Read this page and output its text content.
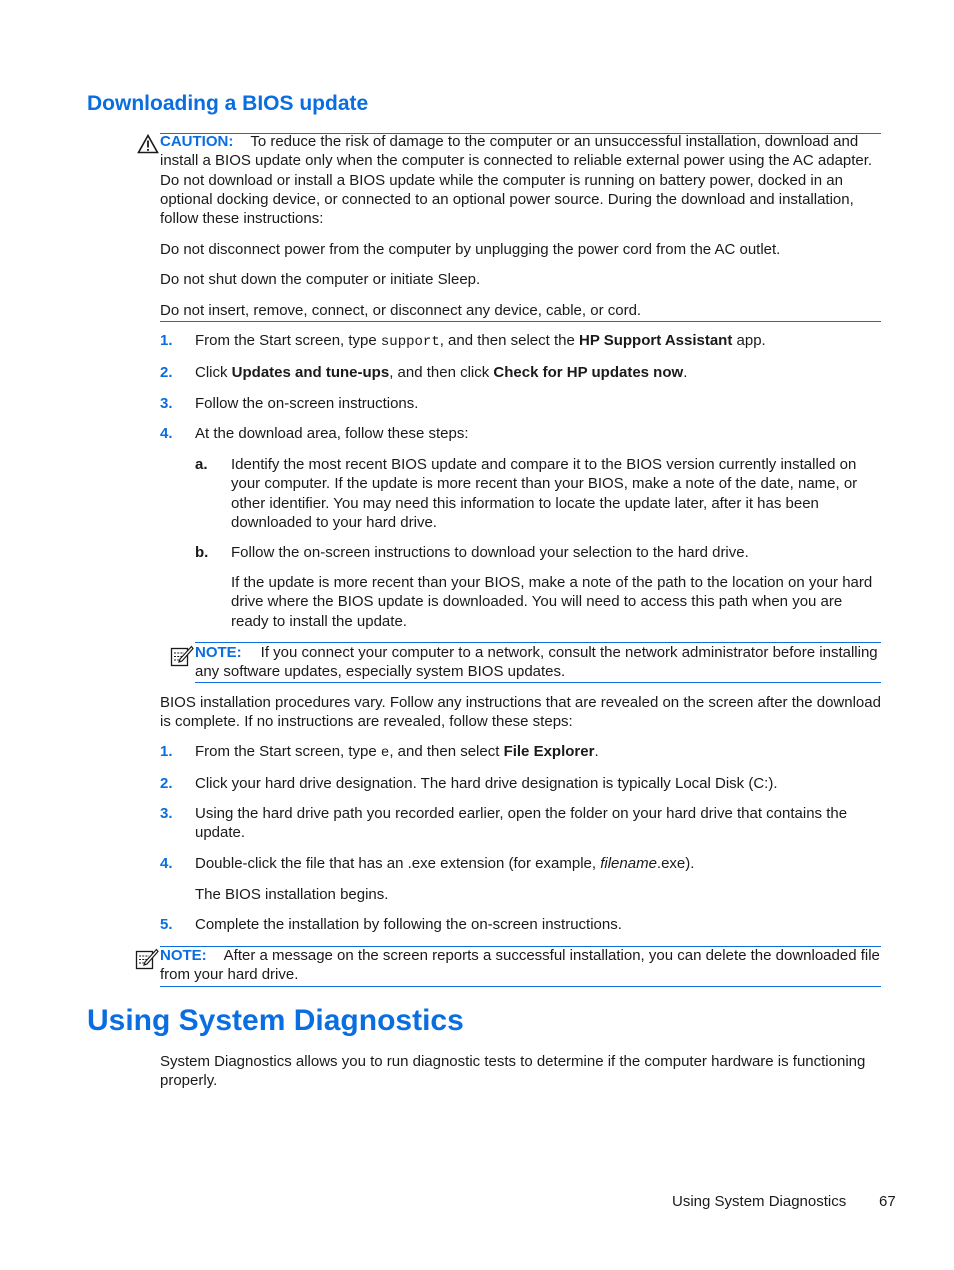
Downloading a BIOS update
CAUTION: To reduce the risk of damage to the computer or an unsuccessful installation, download and install a BIOS update only when the computer is connected to reliable external power using the AC adapter. Do not download or install a BIOS update while the computer is running on battery power, docked in an optional docking device, or connected to an optional power source. During the download and installation, follow these instructions:
Do not disconnect power from the computer by unplugging the power cord from the AC outlet.
Do not shut down the computer or initiate Sleep.
Do not insert, remove, connect, or disconnect any device, cable, or cord.
1. From the Start screen, type support, and then select the HP Support Assistant app.
2. Click Updates and tune-ups, and then click Check for HP updates now.
3. Follow the on-screen instructions.
4. At the download area, follow these steps:
a. Identify the most recent BIOS update and compare it to the BIOS version currently installed on your computer. If the update is more recent than your BIOS, make a note of the date, name, or other identifier. You may need this information to locate the update later, after it has been downloaded to your hard drive.
b. Follow the on-screen instructions to download your selection to the hard drive.
If the update is more recent than your BIOS, make a note of the path to the location on your hard drive where the BIOS update is downloaded. You will need to access this path when you are ready to install the update.
NOTE: If you connect your computer to a network, consult the network administrator before installing any software updates, especially system BIOS updates.
BIOS installation procedures vary. Follow any instructions that are revealed on the screen after the download is complete. If no instructions are revealed, follow these steps:
1. From the Start screen, type e, and then select File Explorer.
2. Click your hard drive designation. The hard drive designation is typically Local Disk (C:).
3. Using the hard drive path you recorded earlier, open the folder on your hard drive that contains the update.
4. Double-click the file that has an .exe extension (for example, filename.exe).
The BIOS installation begins.
5. Complete the installation by following the on-screen instructions.
NOTE: After a message on the screen reports a successful installation, you can delete the downloaded file from your hard drive.
Using System Diagnostics
System Diagnostics allows you to run diagnostic tests to determine if the computer hardware is functioning properly.
Using System Diagnostics 67
